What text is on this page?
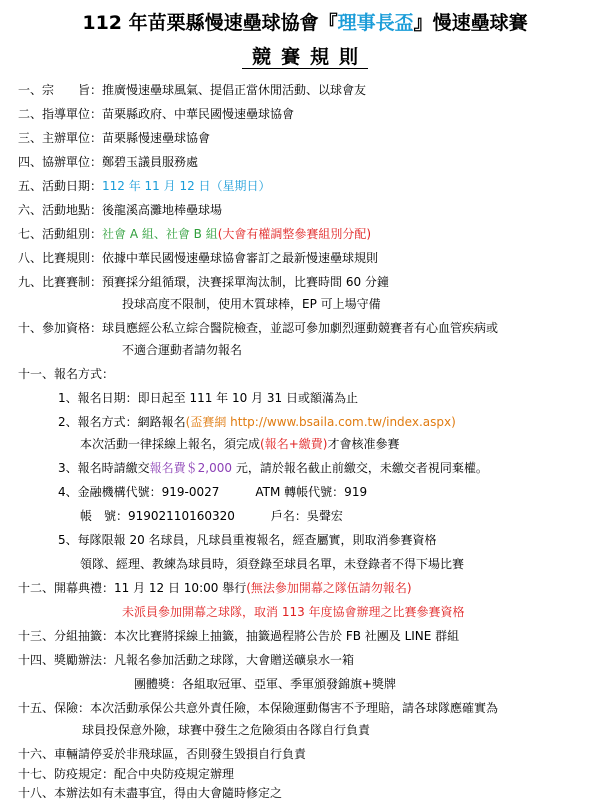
112 年苗栗縣慢速壘球協會『理事長盃』慢速壘球賽
競賽規則
一、宗　　旨：推廣慢速壘球風氣、提倡正當休閒活動、以球會友
二、指導單位：苗栗縣政府、中華民國慢速壘球協會
三、主辦單位：苗栗縣慢速壘球協會
四、協辦單位：鄭碧玉議員服務處
五、活動日期：112 年 11 月 12 日（星期日）
六、活動地點：後龍溪高灘地棒壘球場
七、活動組別：社會 A 組、社會 B 組(大會有權調整參賽組別分配)
八、比賽規則：依據中華民國慢速壘球協會審訂之最新慢速壘球規則
九、比賽賽制：預賽採分組循環，決賽採單淘汰制，比賽時間 60 分鐘
投球高度不限制，使用木質球棒，EP 可上場守備
十、參加資格：球員應經公私立綜合醫院檢查，並認可參加劇烈運動競賽者有心血管疾病或
不適合運動者請勿報名
十一、報名方式：
1、報名日期：即日起至 111 年 10 月 31 日或額滿為止
2、報名方式：網路報名(盃賽網 http://www.bsaila.com.tw/index.aspx)
本次活動一律採線上報名，須完成(報名+繳費)才會核准參賽
3、報名時請繳交報名費＄2,000 元，請於報名截止前繳交，未繳交者視同棄權。
4、金融機構代號：919-0027　　　ATM 轉帳代號：919
帳　號：91902110160320　　　戶名：吳聲宏
5、每隊限報 20 名球員，凡球員重複報名，經查屬實，則取消參賽資格
領隊、經理、教練為球員時，須登錄至球員名單，未登錄者不得下場比賽
十二、開幕典禮：11 月 12 日 10:00 舉行(無法參加開幕之隊伍請勿報名)
未派員參加開幕之球隊，取消 113 年度協會辦理之比賽參賽資格
十三、分組抽籤：本次比賽將採線上抽籤，抽籤過程將公告於 FB 社團及 LINE 群組
十四、獎勵辦法：凡報名參加活動之球隊，大會贈送礦泉水一箱
團體獎：各組取冠軍、亞軍、季軍頒發錦旗+獎牌
十五、保險：本次活動承保公共意外責任險，本保險運動傷害不予理賠，請各球隊應確實為
球員投保意外險，球賽中發生之危險須由各隊自行負責
十六、車輛請停妥於非飛球區，否則發生毀損自行負責
十七、防疫規定：配合中央防疫規定辦理
十八、本辦法如有未盡事宜，得由大會隨時修定之
